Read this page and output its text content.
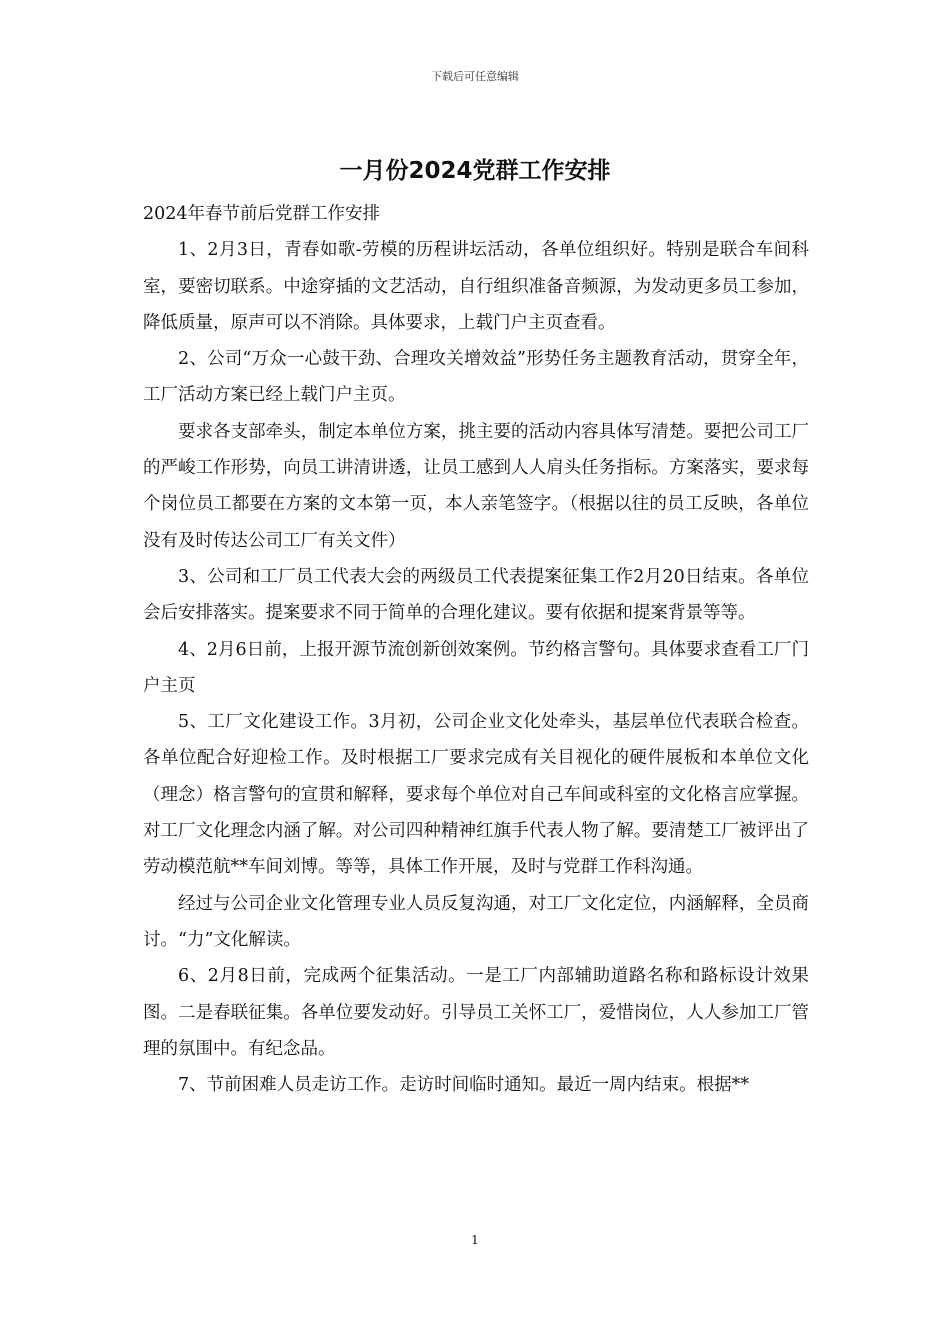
下载后可任意编辑
一月份2024党群工作安排

2024年春节前后党群工作安排

1、2月3日，青春如歌-劳模的历程讲坛活动，各单位组织好。特别是联合车间科室，要密切联系。中途穿插的文艺活动，自行组织准备音频源，为发动更多员工参加，降低质量，原声可以不消除。具体要求，上载门户主页查看。

2、公司“万众一心鼓干劲、合理攻关增效益”形势任务主题教育活动，贯穿全年，工厂活动方案已经上载门户主页。

要求各支部牵头，制定本单位方案，挑主要的活动内容具体写清楚。要把公司工厂的严峻工作形势，向员工讲清讲透，让员工感到人人肩头任务指标。方案落实，要求每个岗位员工都要在方案的文本第一页，本人亲笔签字。（根据以往的员工反映，各单位没有及时传达公司工厂有关文件）

3、公司和工厂员工代表大会的两级员工代表提案征集工作2月20日结束。各单位会后安排落实。提案要求不同于简单的合理化建议。要有依据和提案背景等等。

4、2月6日前，上报开源节流创新创效案例。节约格言警句。具体要求查看工厂门户主页

5、工厂文化建设工作。3月初，公司企业文化处牵头，基层单位代表联合检查。各单位配合好迎检工作。及时根据工厂要求完成有关目视化的硬件展板和本单位文化（理念）格言警句的宣贯和解释，要求每个单位对自己车间或科室的文化格言应掌握。对工厂文化理念内涵了解。对公司四种精神红旗手代表人物了解。要清楚工厂被评出了劳动模范航**车间刘博。等等，具体工作开展，及时与党群工作科沟通。

经过与公司企业文化管理专业人员反复沟通，对工厂文化定位，内涵解释，全员商讨。“力”文化解读。

6、2月8日前，完成两个征集活动。一是工厂内部辅助道路名称和路标设计效果图。二是春联征集。各单位要发动好。引导员工关怀工厂，爱惜岗位，人人参加工厂管理的氛围中。有纪念品。

7、节前困难人员走访工作。走访时间临时通知。最近一周内结束。根据**

1
